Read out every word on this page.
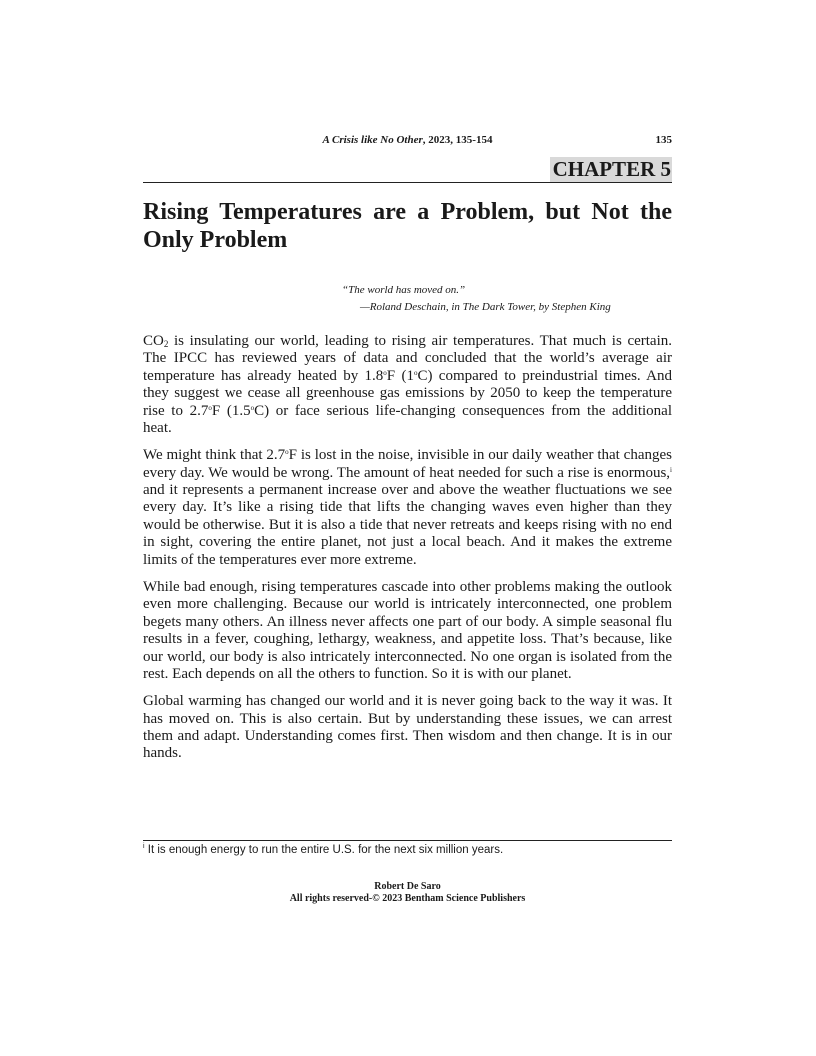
A Crisis like No Other, 2023, 135-154	135
CHAPTER 5
Rising Temperatures are a Problem, but Not the Only Problem
“The world has moved on.”
—Roland Deschain, in The Dark Tower, by Stephen King

$CO_2$ is insulating our world, leading to rising air temperatures. That much is certain. The IPCC has reviewed years of data and concluded that the world’s average air temperature has already heated by 1.8$^o$F (1$^o$C) compared to preindustrial times. And they suggest we cease all greenhouse gas emissions by 2050 to keep the temperature rise to 2.7$^o$F (1.5$^o$C) or face serious life-changing consequences from the additional heat.

We might think that 2.7$^o$F is lost in the noise, invisible in our daily weather that changes every day. We would be wrong. The amount of heat needed for such a rise is enormous,$^i$ and it represents a permanent increase over and above the weather fluctuations we see every day. It’s like a rising tide that lifts the changing waves even higher than they would be otherwise. But it is also a tide that never retreats and keeps rising with no end in sight, covering the entire planet, not just a local beach. And it makes the extreme limits of the temperatures ever more extreme.

While bad enough, rising temperatures cascade into other problems making the outlook even more challenging. Because our world is intricately interconnected, one problem begets many others. An illness never affects one part of our body. A simple seasonal flu results in a fever, coughing, lethargy, weakness, and appetite loss. That’s because, like our world, our body is also intricately interconnected. No one organ is isolated from the rest. Each depends on all the others to function. So it is with our planet.

Global warming has changed our world and it is never going back to the way it was. It has moved on. This is also certain. But by understanding these issues, we can arrest them and adapt. Understanding comes first. Then wisdom and then change. It is in our hands.

$^i$ It is enough energy to run the entire U.S. for the next six million years.
Robert De Saro
All rights reserved-© 2023 Bentham Science Publishers
